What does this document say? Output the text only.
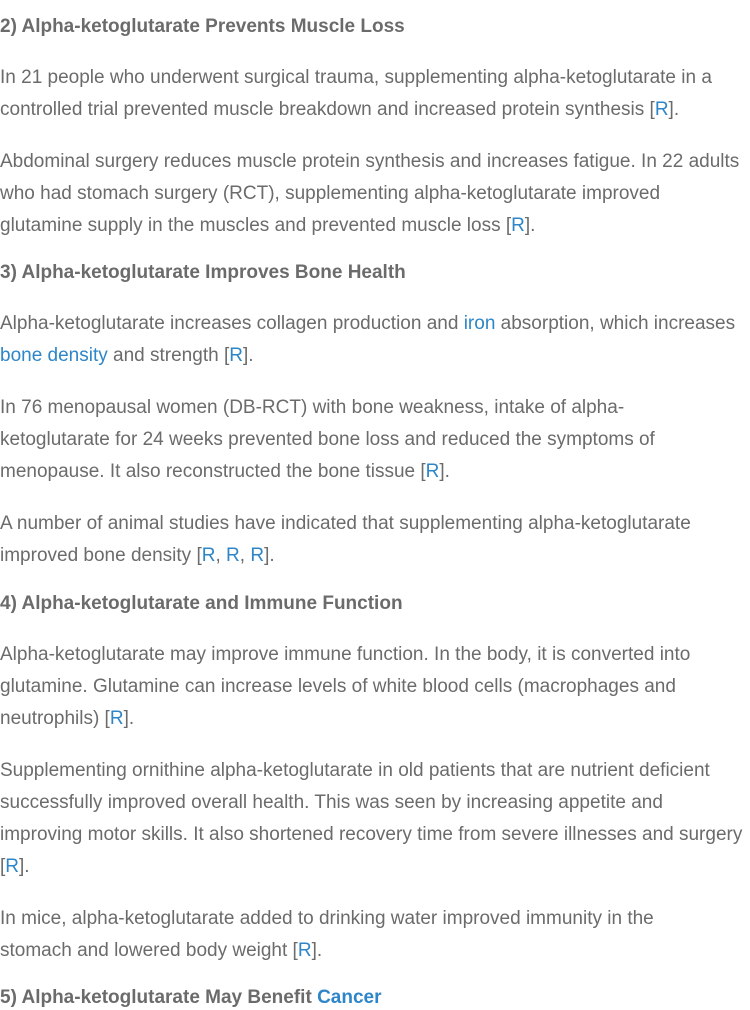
2) Alpha-ketoglutarate Prevents Muscle Loss

In 21 people who underwent surgical trauma, supplementing alpha-ketoglutarate in a controlled trial prevented muscle breakdown and increased protein synthesis [R].

Abdominal surgery reduces muscle protein synthesis and increases fatigue. In 22 adults who had stomach surgery (RCT), supplementing alpha-ketoglutarate improved glutamine supply in the muscles and prevented muscle loss [R].

3) Alpha-ketoglutarate Improves Bone Health

Alpha-ketoglutarate increases collagen production and iron absorption, which increases bone density and strength [R].

In 76 menopausal women (DB-RCT) with bone weakness, intake of alpha-ketoglutarate for 24 weeks prevented bone loss and reduced the symptoms of menopause. It also reconstructed the bone tissue [R].

A number of animal studies have indicated that supplementing alpha-ketoglutarate improved bone density [R, R, R].

4) Alpha-ketoglutarate and Immune Function

Alpha-ketoglutarate may improve immune function. In the body, it is converted into glutamine. Glutamine can increase levels of white blood cells (macrophages and neutrophils) [R].

Supplementing ornithine alpha-ketoglutarate in old patients that are nutrient deficient successfully improved overall health. This was seen by increasing appetite and improving motor skills. It also shortened recovery time from severe illnesses and surgery [R].

In mice, alpha-ketoglutarate added to drinking water improved immunity in the stomach and lowered body weight [R].

5) Alpha-ketoglutarate May Benefit Cancer
